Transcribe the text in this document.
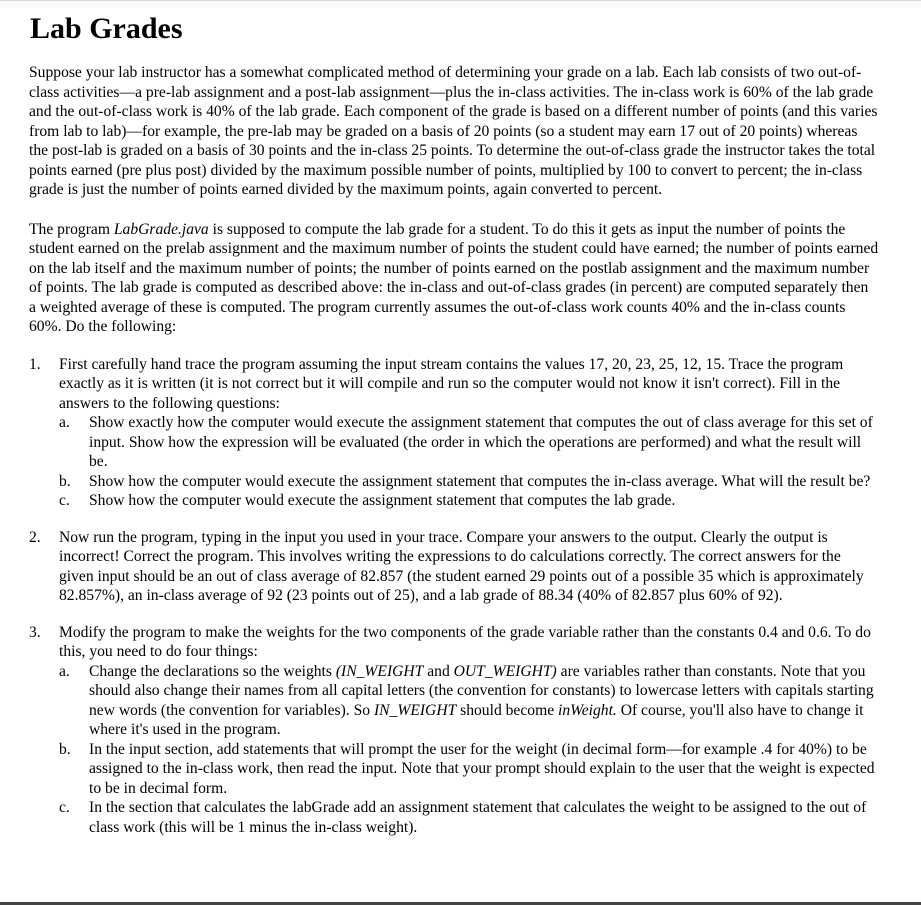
Lab Grades

Suppose your lab instructor has a somewhat complicated method of determining your grade on a lab. Each lab consists of two out-of-class activities—a pre-lab assignment and a post-lab assignment—plus the in-class activities. The in-class work is 60% of the lab grade and the out-of-class work is 40% of the lab grade. Each component of the grade is based on a different number of points (and this varies from lab to lab)—for example, the pre-lab may be graded on a basis of 20 points (so a student may earn 17 out of 20 points) whereas the post-lab is graded on a basis of 30 points and the in-class 25 points. To determine the out-of-class grade the instructor takes the total points earned (pre plus post) divided by the maximum possible number of points, multiplied by 100 to convert to percent; the in-class grade is just the number of points earned divided by the maximum points, again converted to percent.

The program LabGrade.java is supposed to compute the lab grade for a student. To do this it gets as input the number of points the student earned on the prelab assignment and the maximum number of points the student could have earned; the number of points earned on the lab itself and the maximum number of points; the number of points earned on the postlab assignment and the maximum number of points. The lab grade is computed as described above: the in-class and out-of-class grades (in percent) are computed separately then a weighted average of these is computed. The program currently assumes the out-of-class work counts 40% and the in-class counts 60%. Do the following:

1. First carefully hand trace the program assuming the input stream contains the values 17, 20, 23, 25, 12, 15. Trace the program exactly as it is written (it is not correct but it will compile and run so the computer would not know it isn't correct). Fill in the answers to the following questions:
a. Show exactly how the computer would execute the assignment statement that computes the out of class average for this set of input. Show how the expression will be evaluated (the order in which the operations are performed) and what the result will be.
b. Show how the computer would execute the assignment statement that computes the in-class average. What will the result be?
c. Show how the computer would execute the assignment statement that computes the lab grade.
2. Now run the program, typing in the input you used in your trace. Compare your answers to the output. Clearly the output is incorrect! Correct the program. This involves writing the expressions to do calculations correctly. The correct answers for the given input should be an out of class average of 82.857 (the student earned 29 points out of a possible 35 which is approximately 82.857%), an in-class average of 92 (23 points out of 25), and a lab grade of 88.34 (40% of 82.857 plus 60% of 92).
3. Modify the program to make the weights for the two components of the grade variable rather than the constants 0.4 and 0.6. To do this, you need to do four things:
a. Change the declarations so the weights (IN_WEIGHT and OUT_WEIGHT) are variables rather than constants. Note that you should also change their names from all capital letters (the convention for constants) to lowercase letters with capitals starting new words (the convention for variables). So IN_WEIGHT should become inWeight. Of course, you'll also have to change it where it's used in the program.
b. In the input section, add statements that will prompt the user for the weight (in decimal form—for example .4 for 40%) to be assigned to the in-class work, then read the input. Note that your prompt should explain to the user that the weight is expected to be in decimal form.
c. In the section that calculates the labGrade add an assignment statement that calculates the weight to be assigned to the out of class work (this will be 1 minus the in-class weight).
